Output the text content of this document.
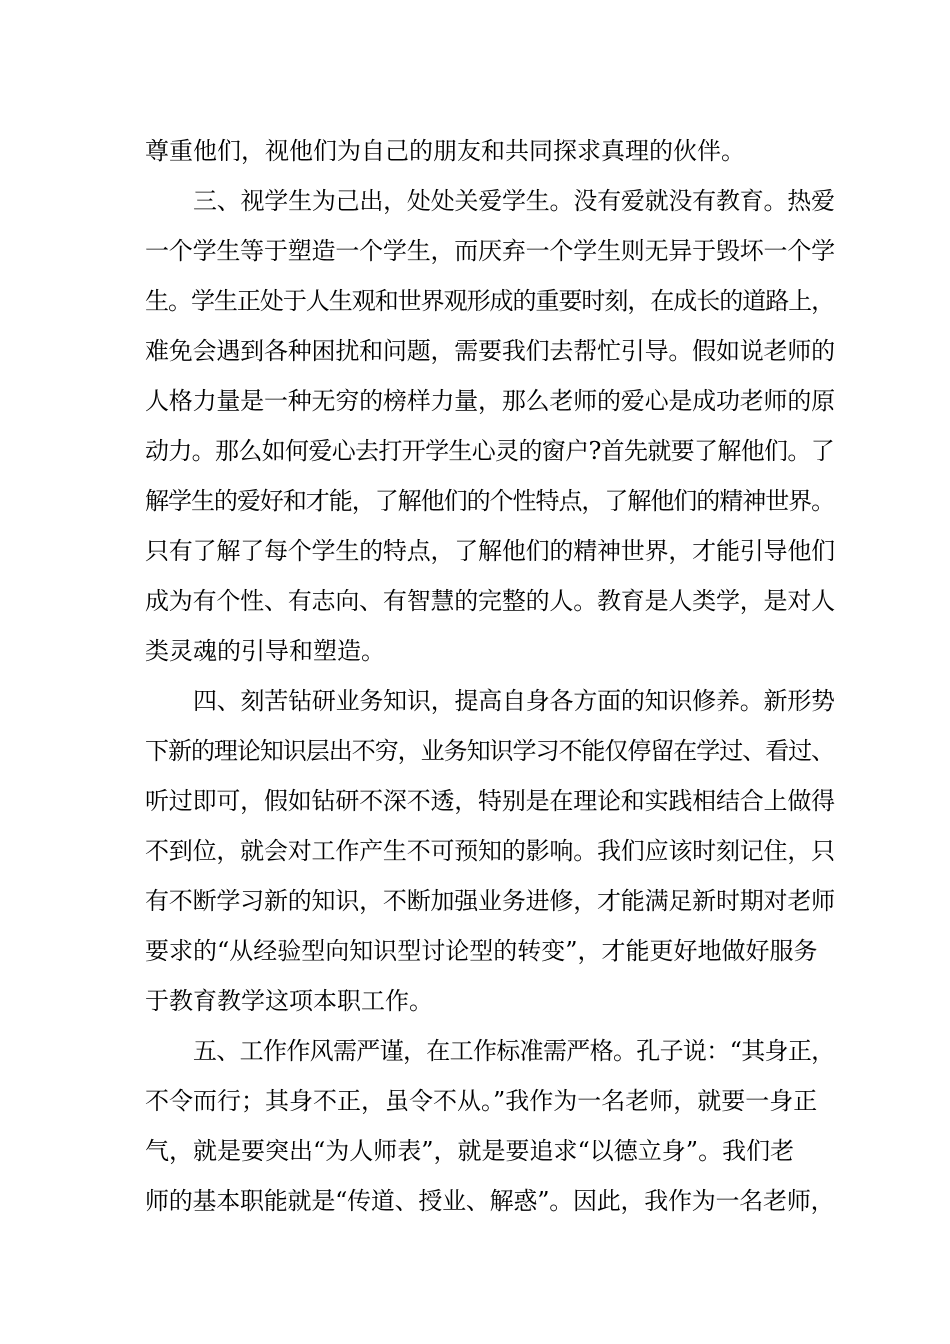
尊重他们，视他们为自己的朋友和共同探求真理的伙伴。
三、视学生为己出，处处关爱学生。没有爱就没有教育。热爱
一个学生等于塑造一个学生，而厌弃一个学生则无异于毁坏一个学
生。学生正处于人生观和世界观形成的重要时刻，在成长的道路上，
难免会遇到各种困扰和问题，需要我们去帮忙引导。假如说老师的
人格力量是一种无穷的榜样力量，那么老师的爱心是成功老师的原
动力。那么如何爱心去打开学生心灵的窗户?首先就要了解他们。了
解学生的爱好和才能，了解他们的个性特点，了解他们的精神世界。
只有了解了每个学生的特点，了解他们的精神世界，才能引导他们
成为有个性、有志向、有智慧的完整的人。教育是人类学，是对人
类灵魂的引导和塑造。
四、刻苦钻研业务知识，提高自身各方面的知识修养。新形势
下新的理论知识层出不穷，业务知识学习不能仅停留在学过、看过、
听过即可，假如钻研不深不透，特别是在理论和实践相结合上做得
不到位，就会对工作产生不可预知的影响。我们应该时刻记住，只
有不断学习新的知识，不断加强业务进修，才能满足新时期对老师
要求的“从经验型向知识型讨论型的转变”，才能更好地做好服务
于教育教学这项本职工作。
五、工作作风需严谨，在工作标准需严格。孔子说：“其身正，
不令而行；其身不正，虽令不从。”我作为一名老师，就要一身正
气，就是要突出“为人师表”，就是要追求“以德立身”。我们老
师的基本职能就是“传道、授业、解惑”。因此，我作为一名老师，
